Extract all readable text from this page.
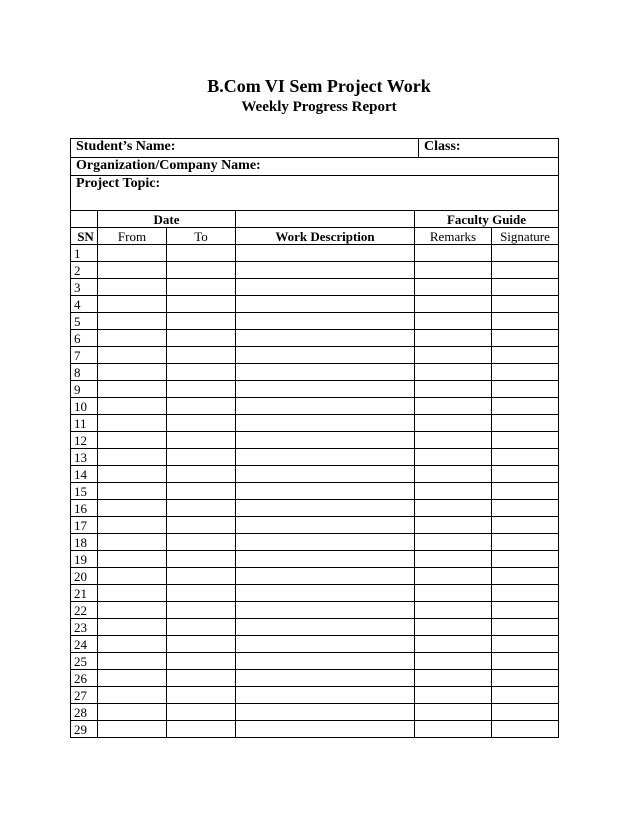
B.Com VI Sem Project Work
Weekly Progress Report
Student’s Name:	Class:
Organization/Company Name:
Project Topic:
	Date			Faculty Guide	
SN	From	To	Work Description	Remarks	Signature
1					
2					
3					
4					
5					
6					
7					
8					
9					
10					
11					
12					
13					
14					
15					
16					
17					
18					
19					
20					
21					
22					
23					
24					
25					
26					
27					
28					
29					
